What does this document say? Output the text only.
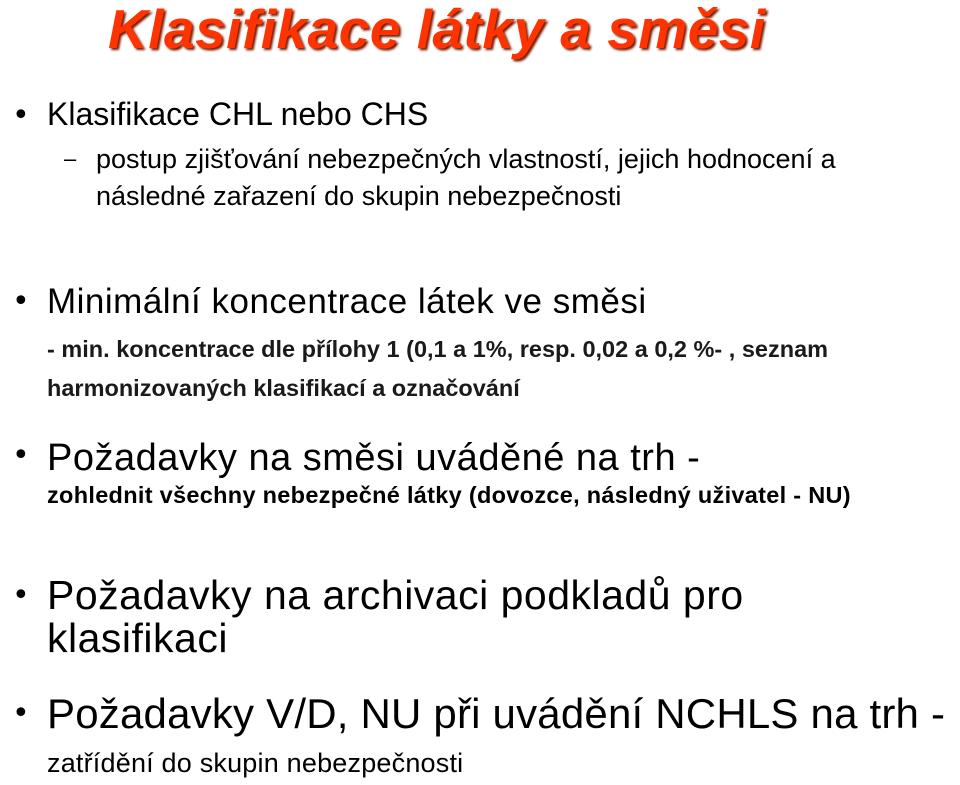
Klasifikace látky a směsi
• Klasifikace CHL nebo CHS
– postup zjišťování nebezpečných vlastností, jejich hodnocení a následné zařazení do skupin nebezpečnosti
• Minimální koncentrace látek ve směsi
- min. koncentrace dle přílohy 1 (0,1 a 1%, resp. 0,02 a 0,2 %- , seznam harmonizovaných klasifikací a označování
• Požadavky na směsi uváděné na trh -
zohlednit všechny nebezpečné látky (dovozce, následný uživatel - NU)
• Požadavky na archivaci podkladů pro klasifikaci
• Požadavky V/D, NU při uvádění NCHLS na trh - zatřídění do skupin nebezpečnosti
